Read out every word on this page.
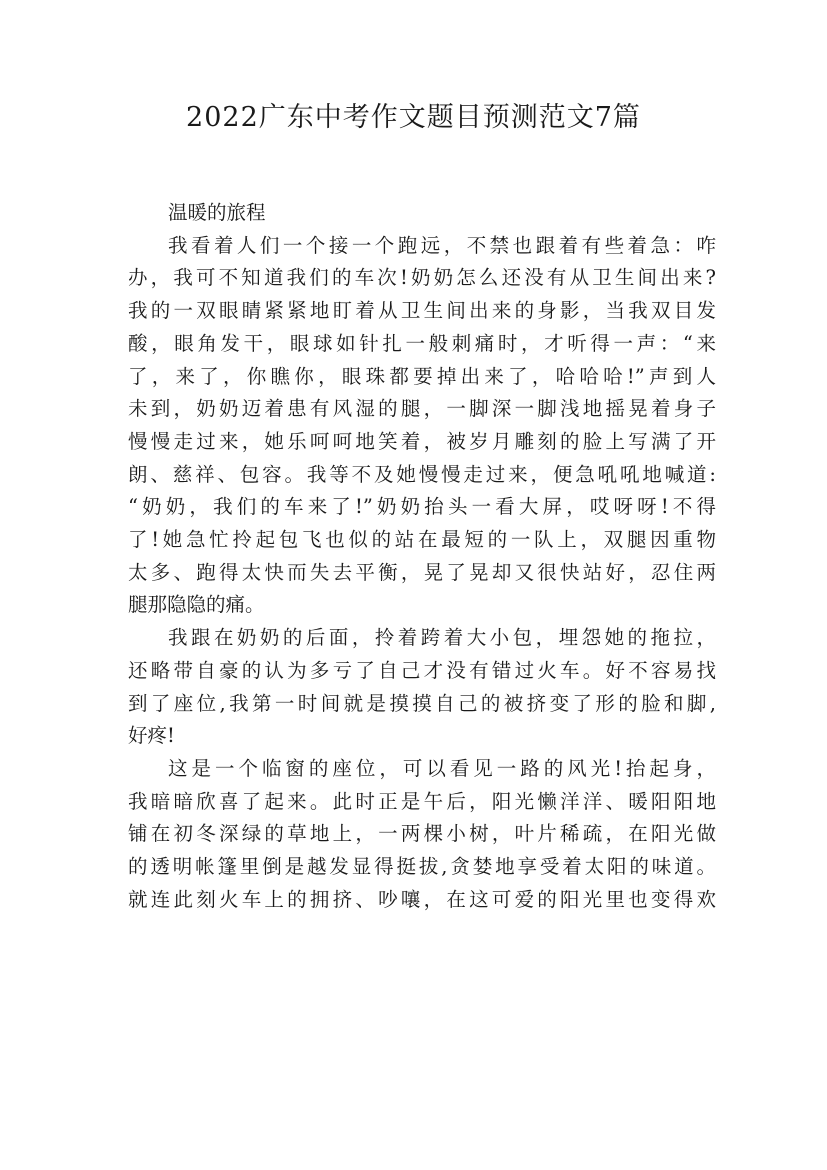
2022广东中考作文题目预测范文7篇
温暖的旅程
我看着人们一个接一个跑远，不禁也跟着有些着急：咋
办，我可不知道我们的车次!奶奶怎么还没有从卫生间出来?
我的一双眼睛紧紧地盯着从卫生间出来的身影，当我双目发
酸，眼角发干，眼球如针扎一般刺痛时，才听得一声：“来
了，来了，你瞧你，眼珠都要掉出来了，哈哈哈!”声到人
未到，奶奶迈着患有风湿的腿，一脚深一脚浅地摇晃着身子
慢慢走过来，她乐呵呵地笑着，被岁月雕刻的脸上写满了开
朗、慈祥、包容。我等不及她慢慢走过来，便急吼吼地喊道:
“奶奶，我们的车来了!”奶奶抬头一看大屏，哎呀呀!不得
了!她急忙拎起包飞也似的站在最短的一队上，双腿因重物
太多、跑得太快而失去平衡，晃了晃却又很快站好，忍住两
腿那隐隐的痛。
我跟在奶奶的后面，拎着跨着大小包，埋怨她的拖拉，
还略带自豪的认为多亏了自己才没有错过火车。好不容易找
到了座位,我第一时间就是摸摸自己的被挤变了形的脸和脚,
好疼!
这是一个临窗的座位，可以看见一路的风光!抬起身，
我暗暗欣喜了起来。此时正是午后，阳光懒洋洋、暖阳阳地
铺在初冬深绿的草地上，一两棵小树，叶片稀疏，在阳光做
的透明帐篷里倒是越发显得挺拔,贪婪地享受着太阳的味道。
就连此刻火车上的拥挤、吵嚷，在这可爱的阳光里也变得欢
